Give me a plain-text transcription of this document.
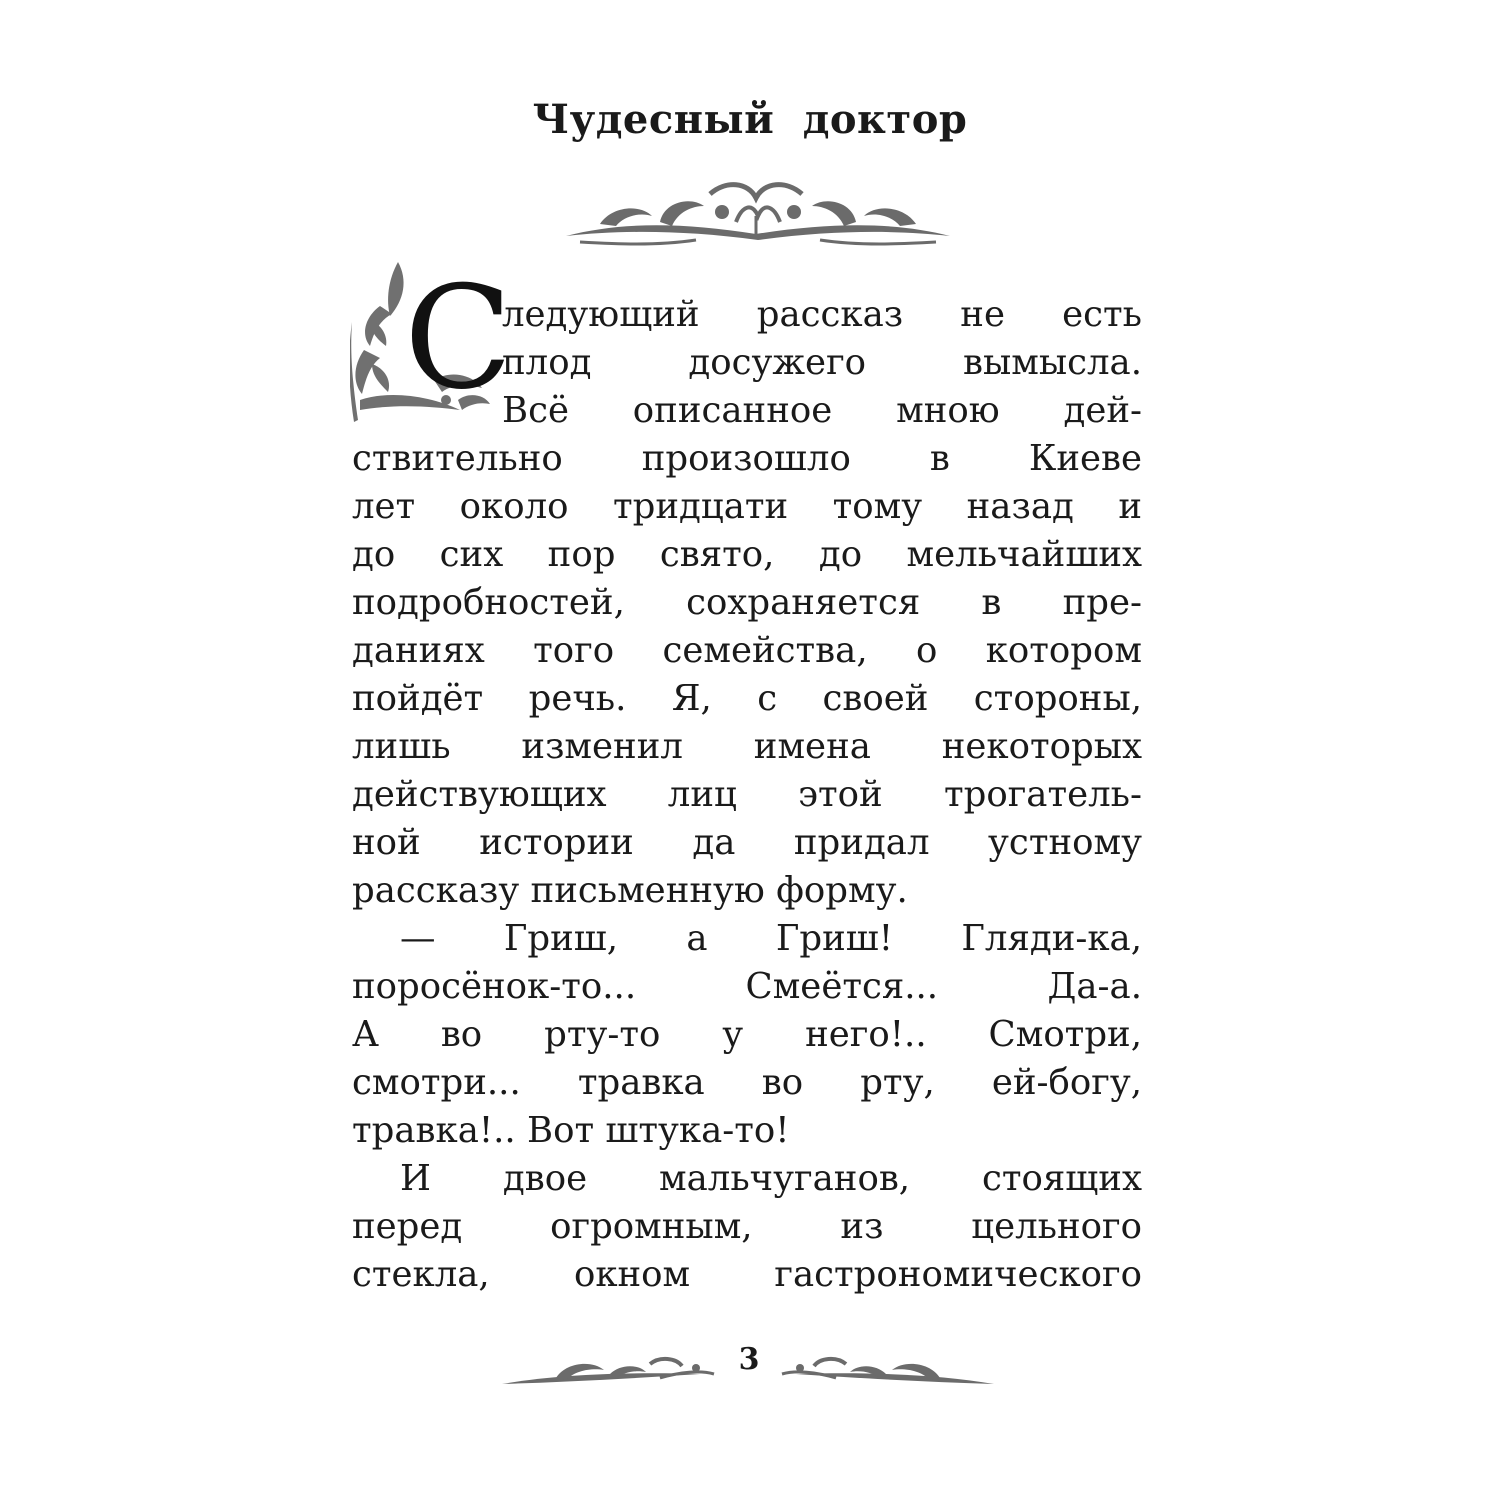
Чудесный доктор
С
ледующий рассказ не есть
плод досужего вымысла.
Всё описанное мною дей-
ствительно произошло в Киеве
лет около тридцати тому назад и
до сих пор свято, до мельчайших
подробностей, сохраняется в пре-
даниях того семейства, о котором
пойдёт речь. Я, с своей стороны,
лишь изменил имена некоторых
действующих лиц этой трогатель-
ной истории да придал устному
рассказу письменную форму.
— Гриш, а Гриш! Гляди-ка,
поросёнок-то... Смеётся... Да-а.
А во рту-то у него!.. Смотри,
смотри... травка во рту, ей-богу,
травка!.. Вот штука-то!
И двое мальчуганов, стоящих
перед огромным, из цельного
стекла, окном гастрономического
3
